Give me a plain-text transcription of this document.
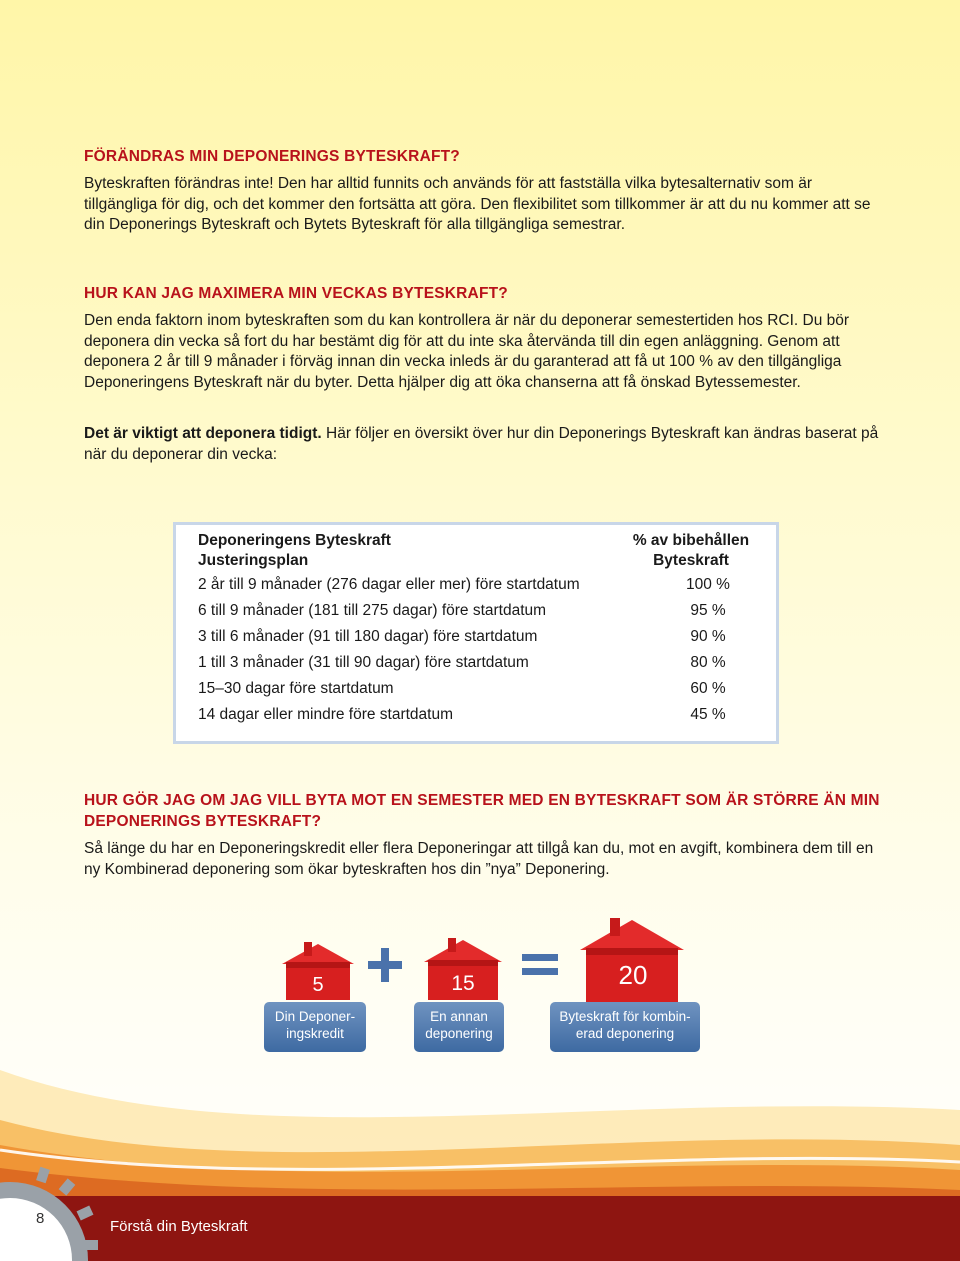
FÖRÄNDRAS MIN DEPONERINGS BYTESKRAFT?

Byteskraften förändras inte! Den har alltid funnits och används för att fastställa vilka bytesalternativ som är tillgängliga för dig, och det kommer den fortsätta att göra. Den flexibilitet som tillkommer är att du nu kommer att se din Deponerings Byteskraft och Bytets Byteskraft för alla tillgängliga semestrar.

HUR KAN JAG MAXIMERA MIN VECKAS BYTESKRAFT?

Den enda faktorn inom byteskraften som du kan kontrollera är när du deponerar semestertiden hos RCI. Du bör deponera din vecka så fort du har bestämt dig för att du inte ska återvända till din egen anläggning. Genom att deponera 2 år till 9 månader i förväg innan din vecka inleds är du garanterad att få ut 100 % av den tillgängliga Deponeringens Byteskraft när du byter. Detta hjälper dig att öka chanserna att få önskad Bytessemester.

Det är viktigt att deponera tidigt. Här följer en översikt över hur din Deponerings Byteskraft kan ändras baserat på när du deponerar din vecka:

Deponeringens Byteskraft
Justeringsplan
% av bibehållen
Byteskraft
2 år till 9 månader (276 dagar eller mer) före startdatum	100 %
6 till 9 månader (181 till 275 dagar) före startdatum	95 %
3 till 6 månader (91 till 180 dagar) före startdatum	90 %
1 till 3 månader (31 till 90 dagar) före startdatum	80 %
15–30 dagar före startdatum	60 %
14 dagar eller mindre före startdatum	45 %
HUR GÖR JAG OM JAG VILL BYTA MOT EN SEMESTER MED EN BYTESKRAFT SOM ÄR STÖRRE ÄN MIN DEPONERINGS BYTESKRAFT?

Så länge du har en Deponeringskredit eller flera Deponeringar att tillgå kan du, mot en avgift, kombinera dem till en ny Kombinerad deponering som ökar byteskraften hos din ”nya” Deponering.

5	15	20
Din Deponer-
ingskredit
En annan
deponering
Byteskraft för kombin-
erad deponering
8	Förstå din Byteskraft
